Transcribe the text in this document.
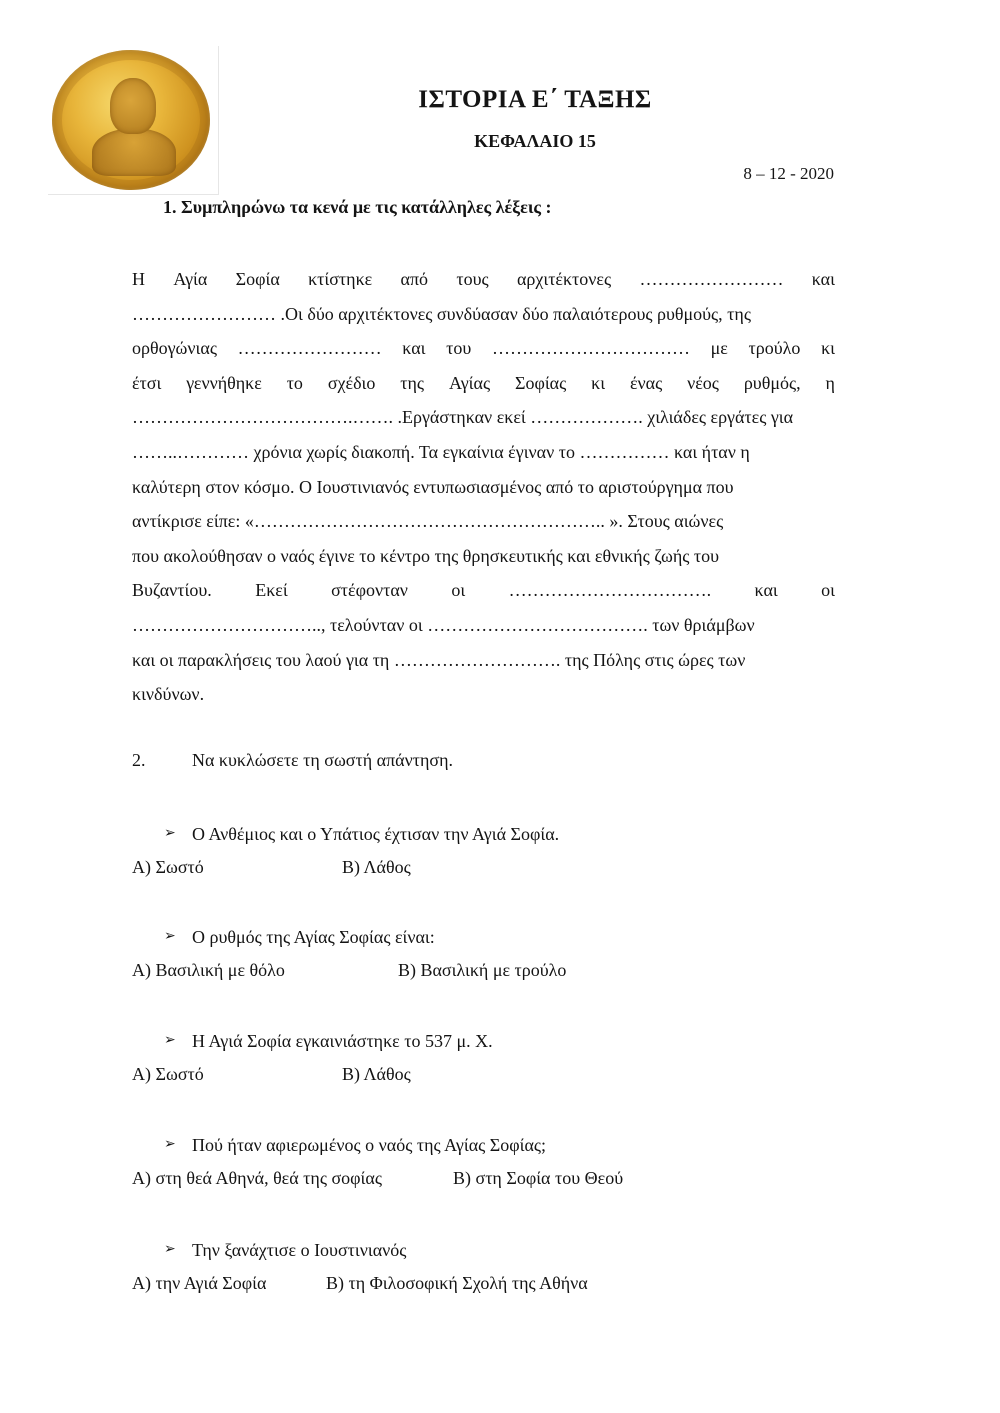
ΙΣΤΟΡΙΑ Ε΄ ΤΑΞΗΣ
ΚΕΦΑΛΑΙΟ 15
8 – 12 - 2020
1. Συμπληρώνω τα κενά με τις κατάλληλες λέξεις :
Η Αγία Σοφία κτίστηκε από τους αρχιτέκτονες …………………… και
…………………… .Οι δύο αρχιτέκτονες συνδύασαν δύο παλαιότερους ρυθμούς, της
ορθογώνιας …………………… και του …………………………… με τρούλο κι
έτσι γεννήθηκε το σχέδιο της Αγίας Σοφίας κι ένας νέος ρυθμός, η
……………………………….……. .Εργάστηκαν εκεί ………………. χιλιάδες εργάτες για
……..………… χρόνια χωρίς διακοπή. Τα εγκαίνια έγιναν το …………… και ήταν η
καλύτερη στον κόσμο. Ο Ιουστινιανός εντυπωσιασμένος από το αριστούργημα που
αντίκρισε είπε: «………………………………………………….. ». Στους αιώνες
που ακολούθησαν ο ναός έγινε το κέντρο της θρησκευτικής και εθνικής ζωής του
Βυζαντίου. Εκεί στέφονταν οι ……………………………. και οι
………………………….., τελούνταν οι ………………………………. των θριάμβων
και οι παρακλήσεις του λαού για τη ………………………. της Πόλης στις ώρες των
κινδύνων.
2.	Να κυκλώσετε τη σωστή απάντηση.
➢ Ο Ανθέμιος και ο Υπάτιος έχτισαν την Αγιά Σοφία.
Α) Σωστό	Β) Λάθος
➢ Ο ρυθμός της Αγίας Σοφίας είναι:
Α) Βασιλική με θόλο	Β) Βασιλική με τρούλο
➢ Η Αγιά Σοφία εγκαινιάστηκε το 537 μ. Χ.
Α) Σωστό	Β) Λάθος
➢ Πού ήταν αφιερωμένος ο ναός της Αγίας Σοφίας;
Α) στη θεά Αθηνά, θεά της σοφίας	Β) στη Σοφία του Θεού
➢ Την ξανάχτισε ο Ιουστινιανός
Α) την Αγιά Σοφία	Β) τη Φιλοσοφική Σχολή της Αθήνα
